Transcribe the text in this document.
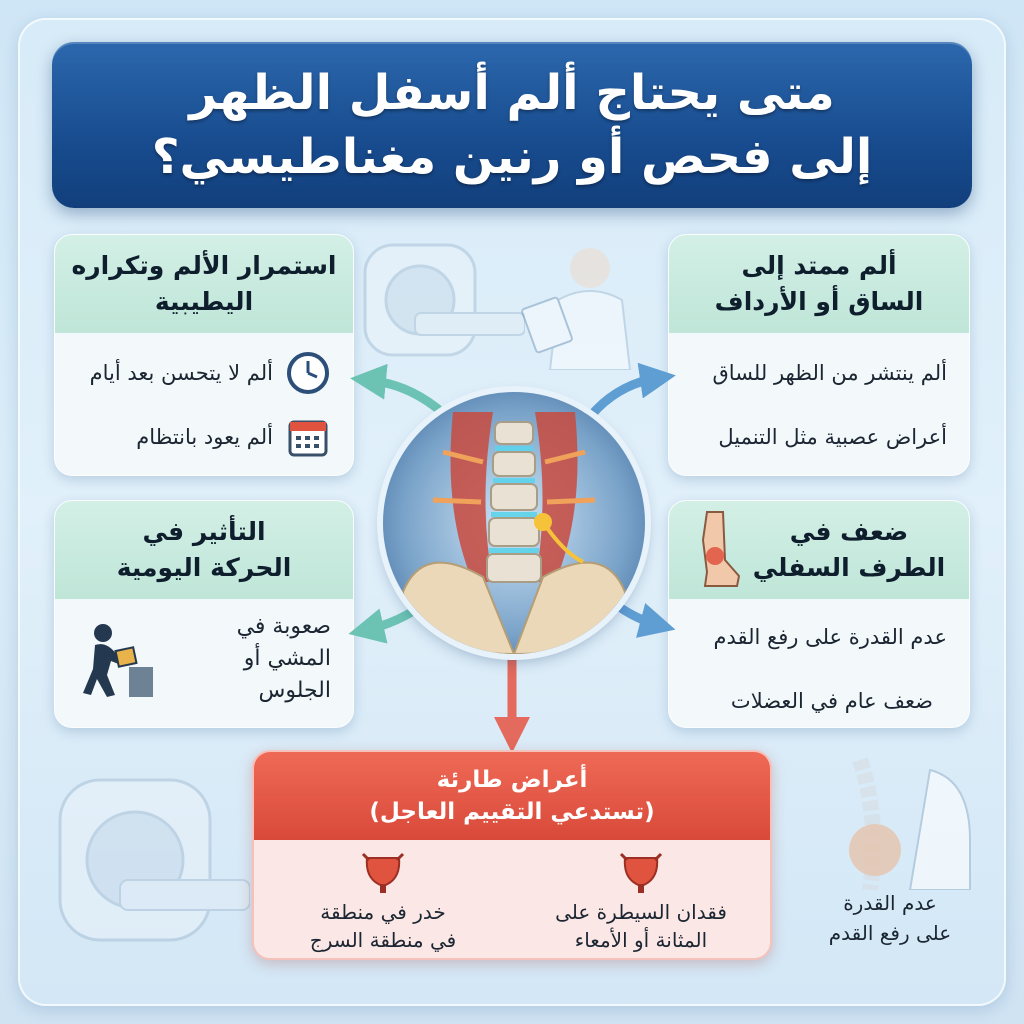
متى يحتاج ألم أسفل الظهر
إلى فحص أو رنين مغناطيسي؟
استمرار الألم وتكراره
اليطيبية
ألم لا يتحسن بعد أيام
ألم يعود بانتظام
ألم ممتد إلى
الساق أو الأرداف
ألم ينتشر من الظهر للساق
أعراض عصبية مثل التنميل
التأثير في
الحركة اليومية
صعوبة في
المشي أو الجلوس
ضعف في
الطرف السفلي
عدم القدرة على رفع القدم
ضعف عام في العضلات
أعراض طارئة
(تستدعي التقييم العاجل)
فقدان السيطرة على
المثانة أو الأمعاء
خدر في منطقة
في منطقة السرج
عدم القدرة
على رفع القدم
